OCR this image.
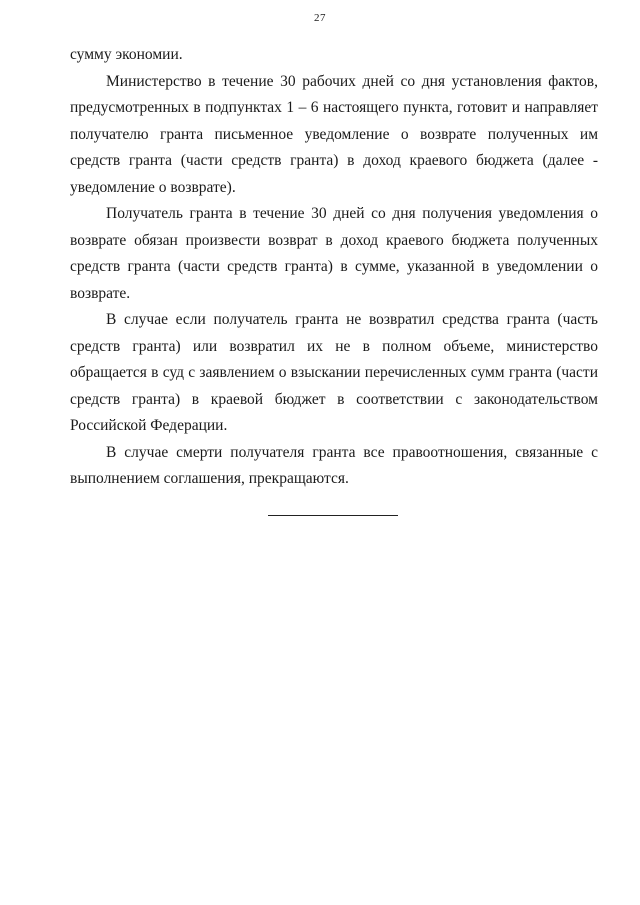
27

сумму экономии.

Министерство в течение 30 рабочих дней со дня установления фактов, предусмотренных в подпунктах 1 – 6 настоящего пункта, готовит и направляет получателю гранта письменное уведомление о возврате полученных им средств гранта (части средств гранта) в доход краевого бюджета (далее - уведомление о возврате).

Получатель гранта в течение 30 дней со дня получения уведомления о возврате обязан произвести возврат в доход краевого бюджета полученных средств гранта (части средств гранта) в сумме, указанной в уведомлении о возврате.

В случае если получатель гранта не возвратил средства гранта (часть средств гранта) или возвратил их не в полном объеме, министерство обращается в суд с заявлением о взыскании перечисленных сумм гранта (части средств гранта) в краевой бюджет в соответствии с законодательством Российской Федерации.

В случае смерти получателя гранта все правоотношения, связанные с выполнением соглашения, прекращаются.
